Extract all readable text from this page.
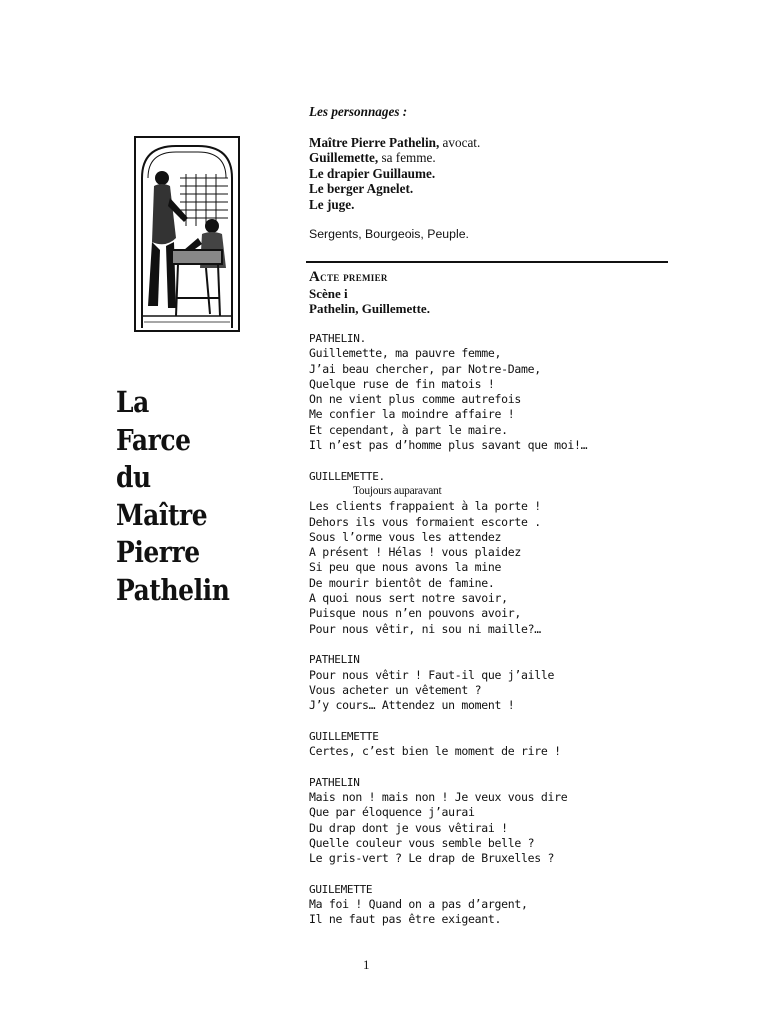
La
Farce
du
Maître
Pierre
Pathelin
Les personnages :
Maître Pierre Pathelin, avocat.
Guillemette, sa femme.
Le drapier Guillaume.
Le berger Agnelet.
Le juge.
Sergents, Bourgeois, Peuple.
Acte premier
Scène i
Pathelin, Guillemette.
PATHELIN.
Guillemette, ma pauvre femme,
J’ai beau chercher, par Notre-Dame,
Quelque ruse de fin matois !
On ne vient plus comme autrefois
Me confier la moindre affaire !
Et cependant, à part le maire.
Il n’est pas d’homme plus savant que moi!…
GUILLEMETTE.
Toujours auparavant
Les clients frappaient à la porte !
Dehors ils vous formaient escorte .
Sous l’orme vous les attendez
A présent ! Hélas ! vous plaidez
Si peu que nous avons la mine
De mourir bientôt de famine.
A quoi nous sert notre savoir,
Puisque nous n’en pouvons avoir,
Pour nous vêtir, ni sou ni maille?…
PATHELIN
Pour nous vêtir ! Faut-il que j’aille
Vous acheter un vêtement ?
J’y cours… Attendez un moment !
GUILLEMETTE
Certes, c’est bien le moment de rire !
PATHELIN
Mais non ! mais non ! Je veux vous dire
Que par éloquence j’aurai
Du drap dont je vous vêtirai !
Quelle couleur vous semble belle ?
Le gris-vert ? Le drap de Bruxelles ?
GUILEMETTE
Ma foi ! Quand on a pas d’argent,
Il ne faut pas être exigeant.
1
